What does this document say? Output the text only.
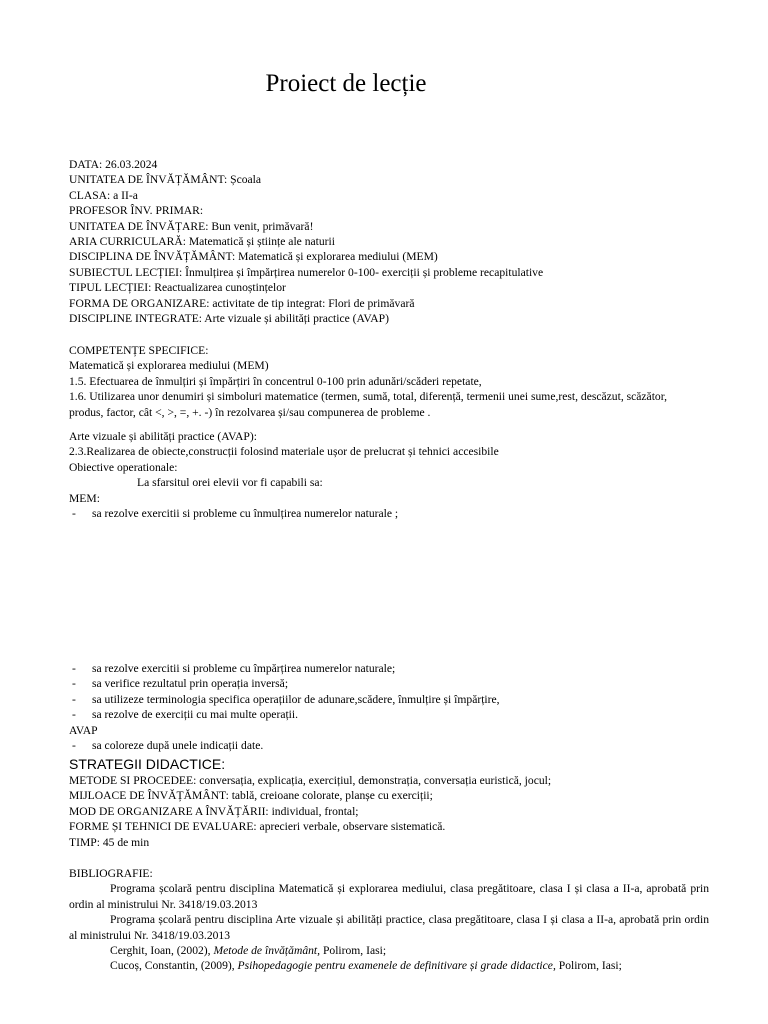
Proiect de lecție
DATA: 26.03.2024
UNITATEA DE ÎNVĂȚĂMÂNT: Școala
CLASA: a II-a
PROFESOR ÎNV. PRIMAR:
UNITATEA DE ÎNVĂȚARE: Bun venit, primăvară!
ARIA CURRICULARĂ: Matematică și științe ale naturii
DISCIPLINA DE ÎNVĂȚĂMÂNT: Matematică și explorarea mediului (MEM)
SUBIECTUL LECȚIEI: Înmulțirea și împărțirea numerelor 0-100- exerciții și probleme recapitulative
TIPUL LECȚIEI: Reactualizarea cunoștințelor
FORMA DE ORGANIZARE: activitate de tip integrat: Flori de primăvară
DISCIPLINE INTEGRATE: Arte vizuale și abilități practice (AVAP)
COMPETENȚE SPECIFICE:
Matematică și explorarea mediului (MEM)
1.5. Efectuarea de înmulțiri și împărțiri în concentrul 0-100 prin adunări/scăderi repetate,
1.6. Utilizarea unor denumiri și simboluri matematice (termen, sumă, total, diferență, termenii unei sume,rest, descăzut, scăzător,
produs, factor, cât <, >, =, +. -) în rezolvarea și/sau compunerea de probleme .
Arte vizuale și abilități practice (AVAP):
2.3.Realizarea de obiecte,construcții folosind materiale ușor de prelucrat și tehnici accesibile
Obiective operationale:
La sfarsitul orei elevii vor fi capabili sa:
MEM:
- sa rezolve exercitii si probleme cu înmulțirea numerelor naturale ;
- sa rezolve exercitii si probleme cu împărțirea numerelor naturale;
- sa verifice rezultatul prin operația inversă;
- sa utilizeze terminologia specifica operațiilor de adunare,scădere, înmulțire și împărțire,
- sa rezolve de exerciții cu mai multe operații.
AVAP
- sa coloreze după unele indicații date.
STRATEGII DIDACTICE:
METODE SI PROCEDEE: conversația, explicația, exercițiul, demonstrația, conversația euristică, jocul;
MIJLOACE DE ÎNVĂȚĂMÂNT: tablă, creioane colorate, planșe cu exerciții;
MOD DE ORGANIZARE A ÎNVĂȚĂRII: individual, frontal;
FORME ȘI TEHNICI DE EVALUARE: aprecieri verbale, observare sistematică.
TIMP: 45 de min
BIBLIOGRAFIE:
Programa școlară pentru disciplina Matematică și explorarea mediului, clasa pregătitoare, clasa I și clasa a II-a, aprobată prin ordin al ministrului Nr. 3418/19.03.2013
Programa școlară pentru disciplina Arte vizuale și abilități practice, clasa pregătitoare, clasa I și clasa a II-a, aprobată prin ordin al ministrului Nr. 3418/19.03.2013
Cerghit, Ioan, (2002), Metode de învățământ, Polirom, Iasi;
Cucoș, Constantin, (2009), Psihopedagogie pentru examenele de definitivare și grade didactice, Polirom, Iasi;
